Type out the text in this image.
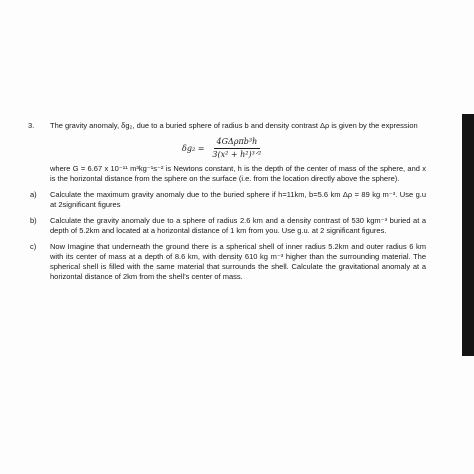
3.	The gravity anomaly, δg₂, due to a buried sphere of radius b and density contrast Δρ is given by the expression
$\delta g_2 = \frac{\text{4GΔρπb³h}}{\text{3(x² + h²)³ᐟ²}}$
where G = 6.67 x 10⁻¹¹ m³kg⁻¹s⁻² is Newtons constant, h is the depth of the center of mass of the sphere, and x is the horizontal distance from the sphere on the surface (i.e. from the location directly above the sphere).
a)	Calculate the maximum gravity anomaly due to the buried sphere if h=11km, b=5.6 km Δρ = 89 kg m⁻³. Use g.u at 2significant figures
b)	Calculate the gravity anomaly due to a sphere of radius 2.6 km and a density contrast of 530 kgm⁻³ buried at a depth of 5.2km and located at a horizontal distance of 1 km from you. Use g.u. at 2 significant figures.
c)	Now Imagine that underneath the ground there is a spherical shell of inner radius 5.2km and outer radius 6 km with its center of mass at a depth of 8.6 km, with density 610 kg m⁻³ higher than the surrounding material. The spherical shell is filled with the same material that surrounds the shell. Calculate the gravitational anomaly at a horizontal distance of 2km from the shell's center of mass.
